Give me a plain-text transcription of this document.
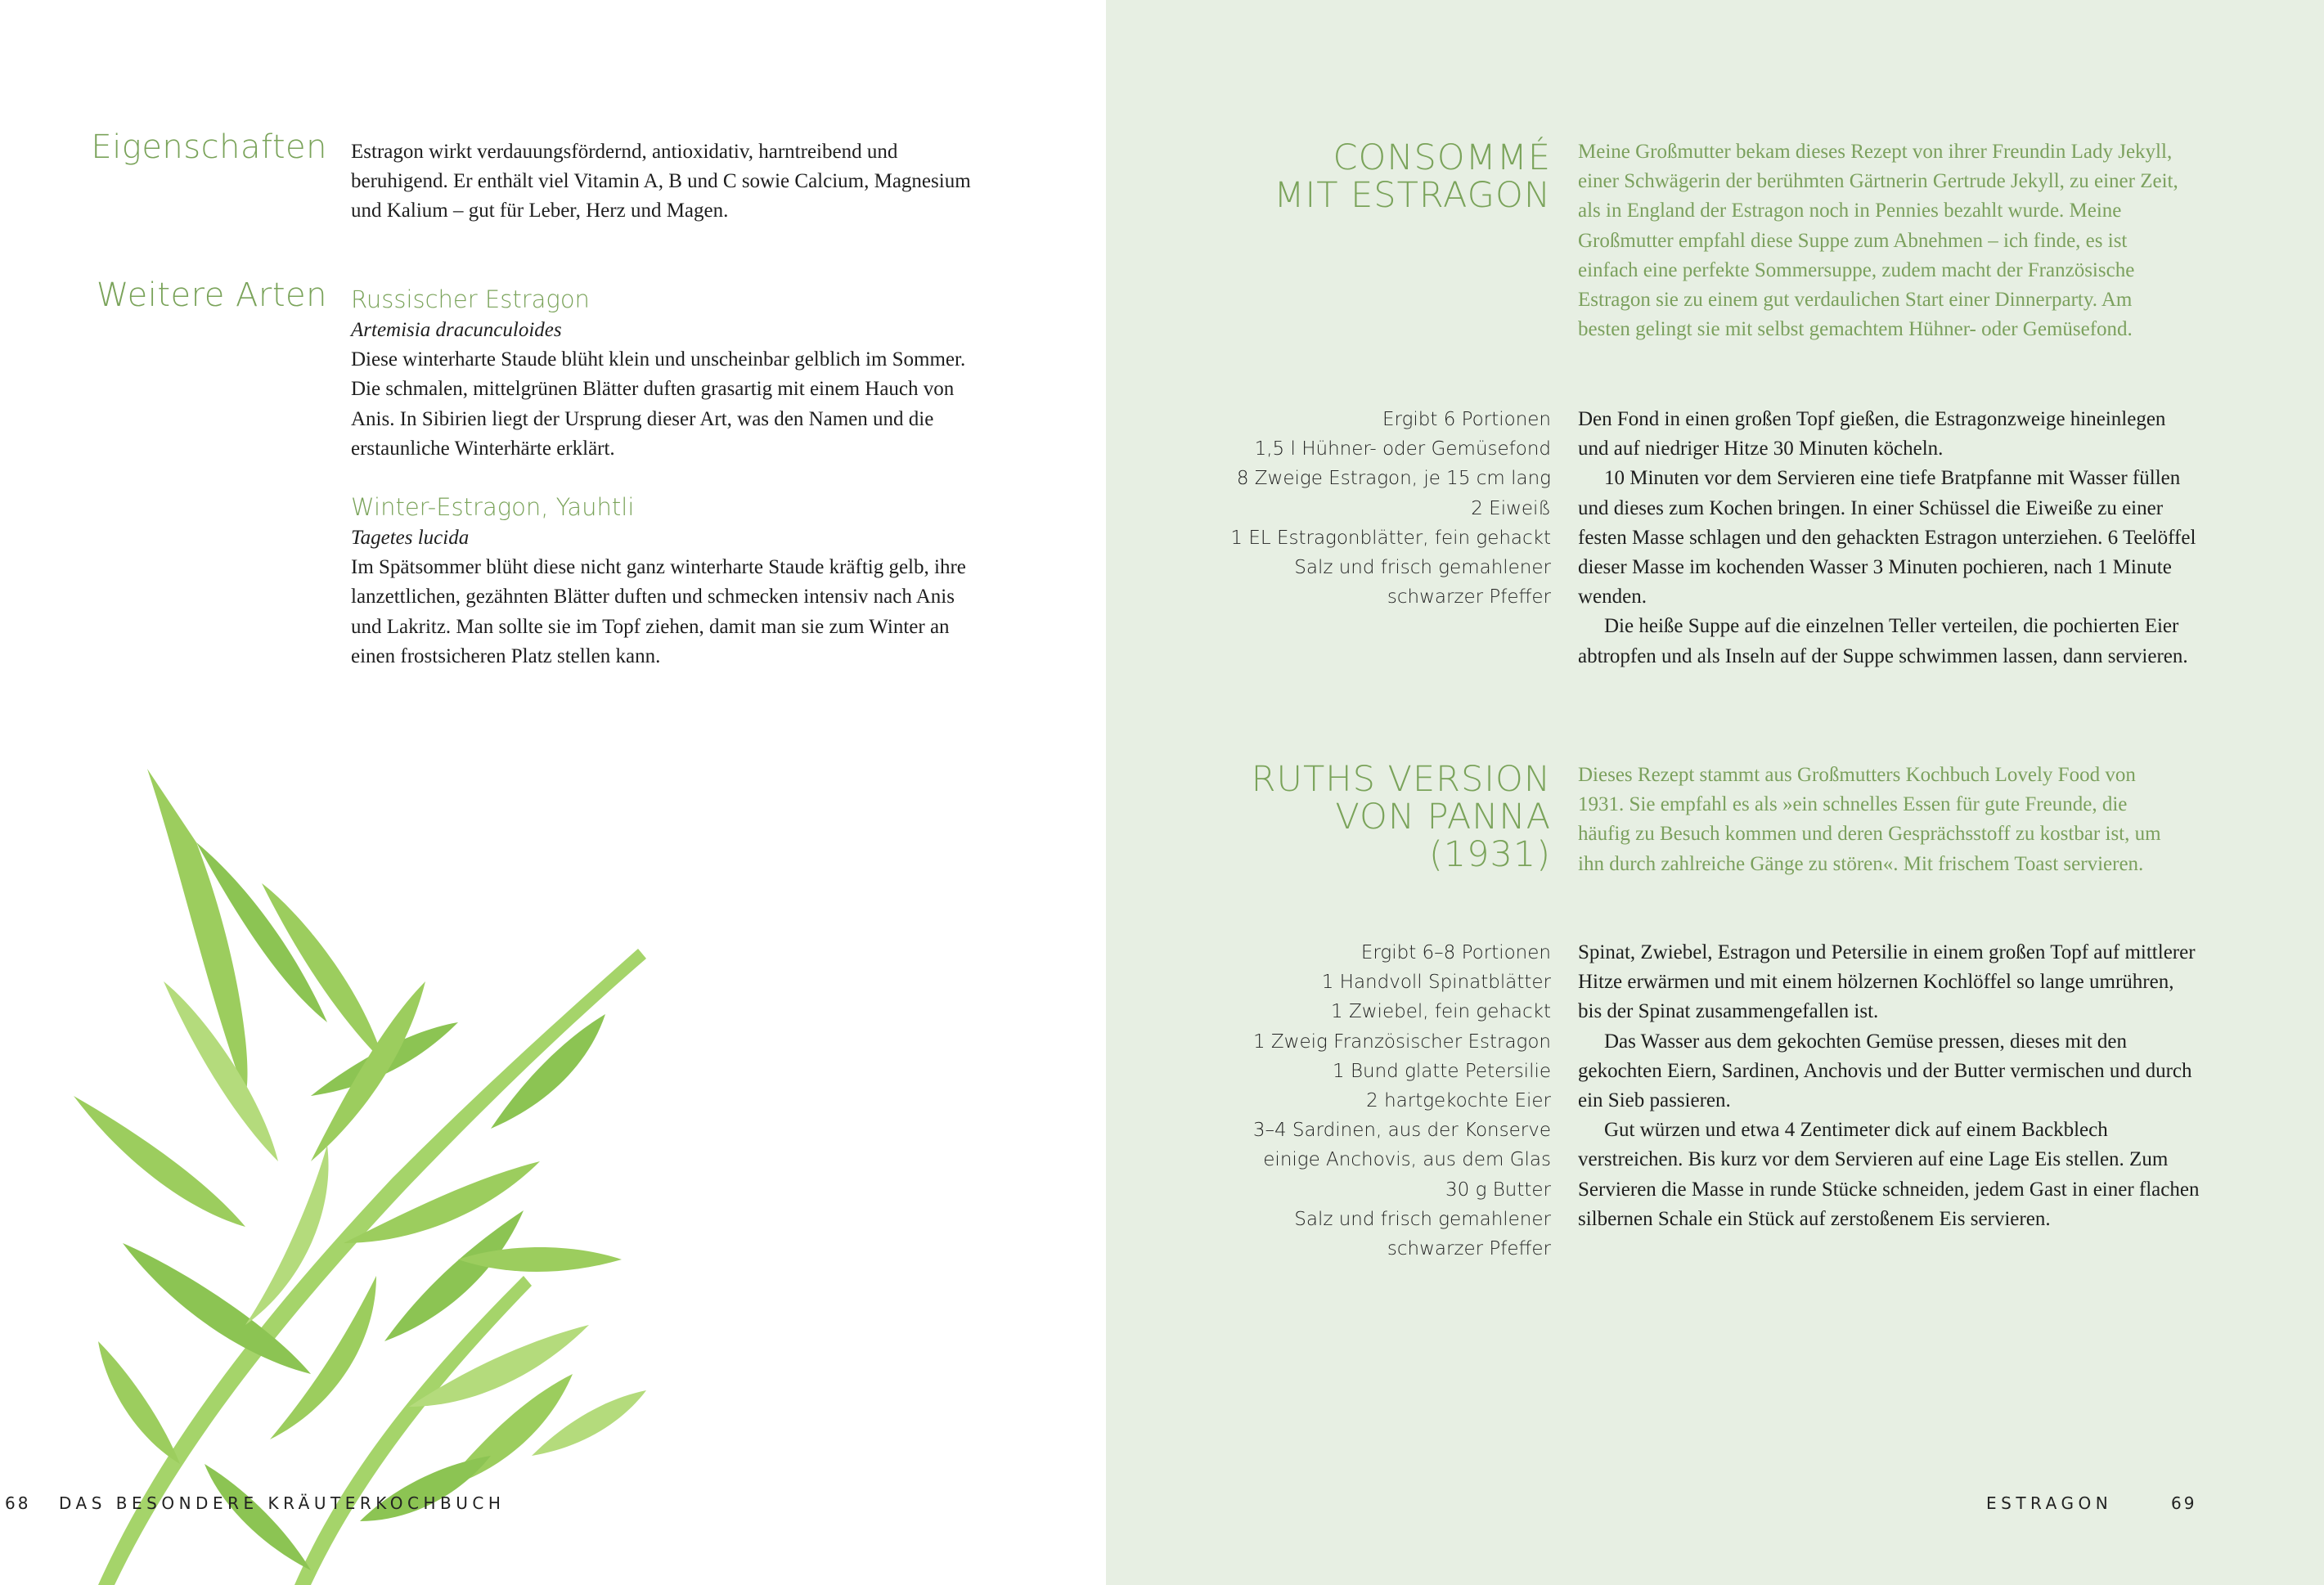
Eigenschaften Estragon wirkt verdauungsfördernd, antioxidativ, harntreibend und beruhigend. Er enthält viel Vitamin A, B und C sowie Calcium, Magnesium und Kalium – gut für Leber, Herz und Magen.

Weitere Arten Russischer Estragon
Artemisia dracunculoides

Diese winterharte Staude blüht klein und unscheinbar gelblich im Sommer. Die schmalen, mittelgrünen Blätter duften grasartig mit einem Hauch von Anis. In Sibirien liegt der Ursprung dieser Art, was den Namen und die erstaunliche Winterhärte erklärt.

Winter-Estragon, Yauhtli
Tagetes lucida

Im Spätsommer blüht diese nicht ganz winterharte Staude kräftig gelb, ihre lanzettlichen, gezähnten Blätter duften und schmecken intensiv nach Anis und Lakritz. Man sollte sie im Topf ziehen, damit man sie zum Winter an einen frostsicheren Platz stellen kann.

68 DAS BESONDERE KRÄUTERKOCHBUCH
CONSOMMÉ
MIT ESTRAGON

Meine Großmutter bekam dieses Rezept von ihrer Freundin Lady Jekyll, einer Schwägerin der berühmten Gärtnerin Gertrude Jekyll, zu einer Zeit, als in England der Estragon noch in Pennies bezahlt wurde. Meine Großmutter empfahl diese Suppe zum Abnehmen – ich finde, es ist einfach eine perfekte Sommersuppe, zudem macht der Französische Estragon sie zu einem gut verdaulichen Start einer Dinnerparty. Am besten gelingt sie mit selbst gemachtem Hühner- oder Gemüsefond.

Ergibt 6 Portionen
1,5 l Hühner- oder Gemüsefond
8 Zweige Estragon, je 15 cm lang
2 Eiweiß
1 EL Estragonblätter, fein gehackt
Salz und frisch gemahlener
schwarzer Pfeffer

Den Fond in einen großen Topf gießen, die Estragonzweige hineinlegen und auf niedriger Hitze 30 Minuten köcheln.

10 Minuten vor dem Servieren eine tiefe Bratpfanne mit Wasser füllen und dieses zum Kochen bringen. In einer Schüssel die Eiweiße zu einer festen Masse schlagen und den gehackten Estragon unterziehen. 6 Teelöffel dieser Masse im kochenden Wasser 3 Minuten pochieren, nach 1 Minute wenden.

Die heiße Suppe auf die einzelnen Teller verteilen, die pochierten Eier abtropfen und als Inseln auf der Suppe schwimmen lassen, dann servieren.

RUTHS VERSION
VON PANNA
(1931)

Dieses Rezept stammt aus Großmutters Kochbuch Lovely Food von 1931. Sie empfahl es als »ein schnelles Essen für gute Freunde, die häufig zu Besuch kommen und deren Gesprächsstoff zu kostbar ist, um ihn durch zahlreiche Gänge zu stören«. Mit frischem Toast servieren.

Ergibt 6–8 Portionen
1 Handvoll Spinatblätter
1 Zwiebel, fein gehackt
1 Zweig Französischer Estragon
1 Bund glatte Petersilie
2 hartgekochte Eier
3–4 Sardinen, aus der Konserve
einige Anchovis, aus dem Glas
30 g Butter
Salz und frisch gemahlener
schwarzer Pfeffer

Spinat, Zwiebel, Estragon und Petersilie in einem großen Topf auf mittlerer Hitze erwärmen und mit einem hölzernen Kochlöffel so lange umrühren, bis der Spinat zusammengefallen ist.

Das Wasser aus dem gekochten Gemüse pressen, dieses mit den gekochten Eiern, Sardinen, Anchovis und der Butter vermischen und durch ein Sieb passieren.

Gut würzen und etwa 4 Zentimeter dick auf einem Backblech verstreichen. Bis kurz vor dem Servieren auf eine Lage Eis stellen. Zum Servieren die Masse in runde Stücke schneiden, jedem Gast in einer flachen silbernen Schale ein Stück auf zerstoßenem Eis servieren.

ESTRAGON	69
